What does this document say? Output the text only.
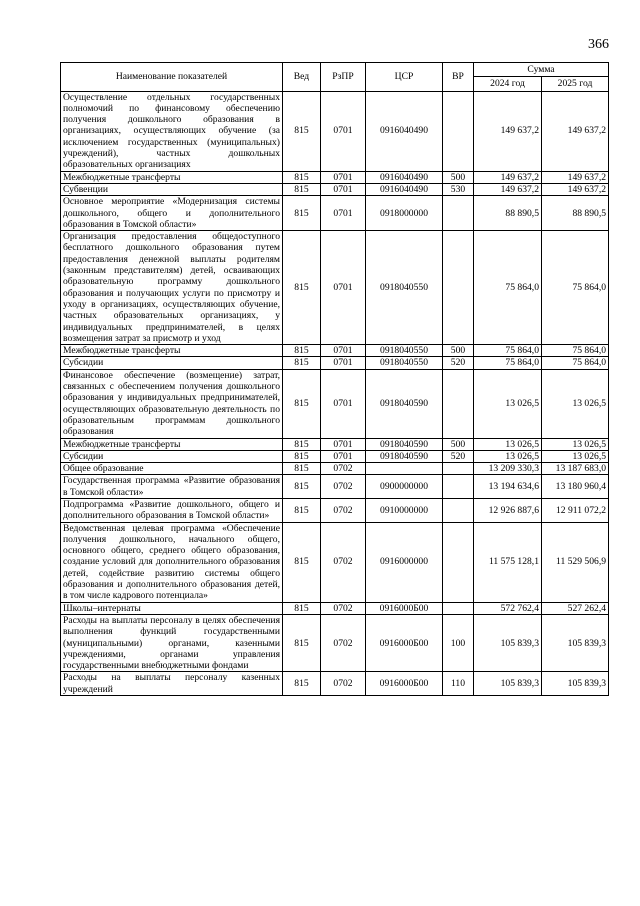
366
Наименование показателей	Вед	РзПР	ЦСР	ВР	Сумма	
					2024 год	2025 год
Осуществление отдельных государственных полномочий по финансовому обеспечению получения дошкольного образования в организациях, осуществляющих обучение (за исключением государственных (муниципальных) учреждений), частных дошкольных образовательных организациях	815	0701	0916040490		149 637,2	149 637,2
Межбюджетные трансферты	815	0701	0916040490	500	149 637,2	149 637,2
Субвенции	815	0701	0916040490	530	149 637,2	149 637,2
Основное мероприятие «Модернизация системы дошкольного, общего и дополнительного образования в Томской области»	815	0701	0918000000		88 890,5	88 890,5
Организация предоставления общедоступного бесплатного дошкольного образования путем предоставления денежной выплаты родителям (законным представителям) детей, осваивающих образовательную программу дошкольного образования и получающих услуги по присмотру и уходу в организациях, осуществляющих обучение, частных образовательных организациях, у индивидуальных предпринимателей, в целях возмещения затрат за присмотр и уход	815	0701	0918040550		75 864,0	75 864,0
Межбюджетные трансферты	815	0701	0918040550	500	75 864,0	75 864,0
Субсидии	815	0701	0918040550	520	75 864,0	75 864,0
Финансовое обеспечение (возмещение) затрат, связанных с обеспечением получения дошкольного образования у индивидуальных предпринимателей, осуществляющих образовательную деятельность по образовательным программам дошкольного образования	815	0701	0918040590		13 026,5	13 026,5
Межбюджетные трансферты	815	0701	0918040590	500	13 026,5	13 026,5
Субсидии	815	0701	0918040590	520	13 026,5	13 026,5
Общее образование	815	0702			13 209 330,3	13 187 683,0
Государственная программа «Развитие образования в Томской области»	815	0702	0900000000		13 194 634,6	13 180 960,4
Подпрограмма «Развитие дошкольного, общего и дополнительного образования в Томской области»	815	0702	0910000000		12 926 887,6	12 911 072,2
Ведомственная целевая программа «Обеспечение получения дошкольного, начального общего, основного общего, среднего общего образования, создание условий для дополнительного образования детей, содействие развитию системы общего образования и дополнительного образования детей, в том числе кадрового потенциала»	815	0702	0916000000		11 575 128,1	11 529 506,9
Школы–интернаты	815	0702	0916000Б00		572 762,4	527 262,4
Расходы на выплаты персоналу в целях обеспечения выполнения функций государственными (муниципальными) органами, казенными учреждениями, органами управления государственными внебюджетными фондами	815	0702	0916000Б00	100	105 839,3	105 839,3
Расходы на выплаты персоналу казенных учреждений	815	0702	0916000Б00	110	105 839,3	105 839,3
